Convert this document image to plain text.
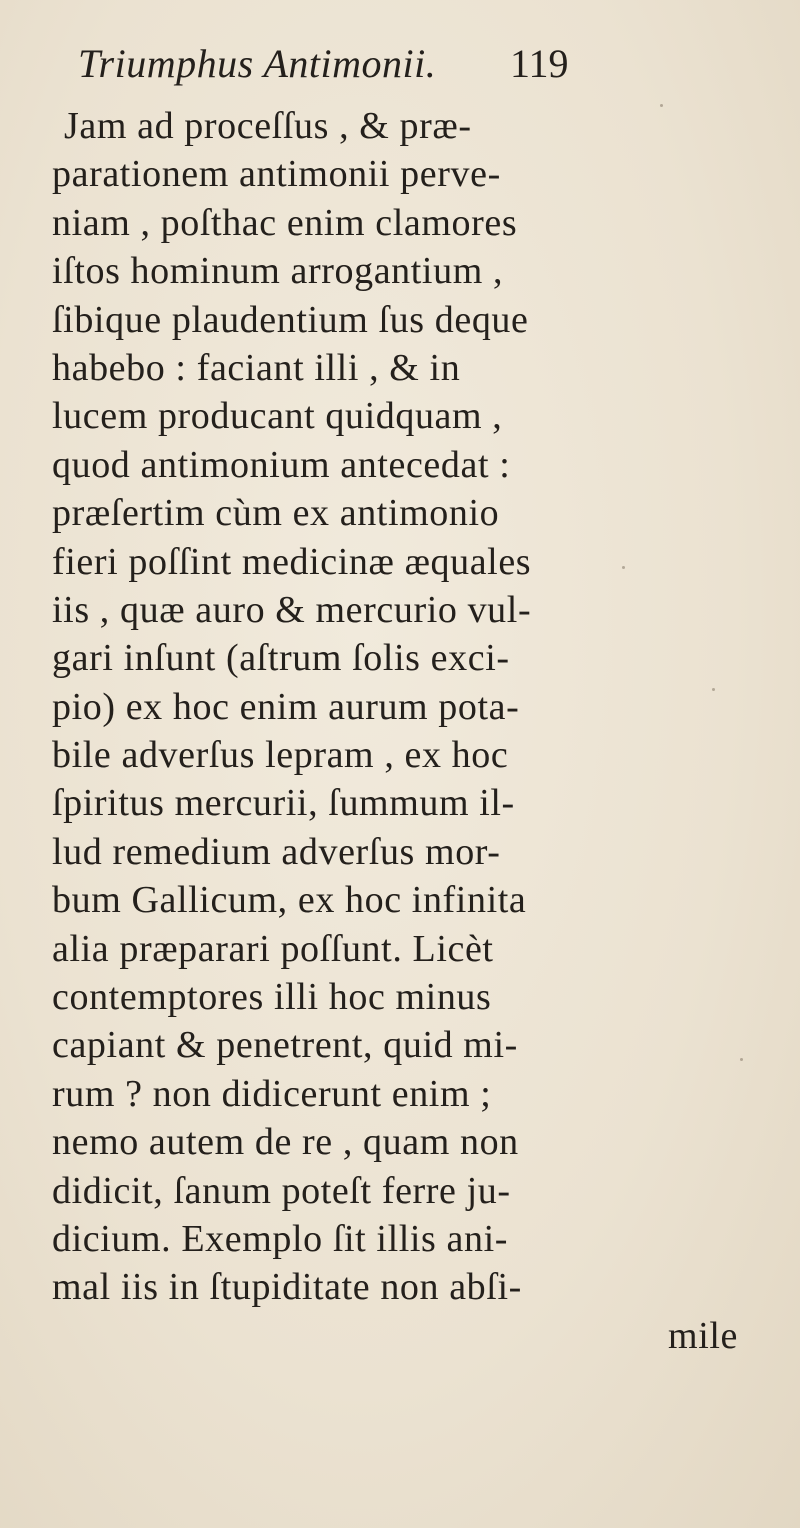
Triumphus Antimonii. 119
Jam ad proceſſus , & præ-
parationem antimonii perve-
niam , poſthac enim clamores
iſtos hominum arrogantium ,
ſibique plaudentium ſus deque
habebo : faciant illi , & in
lucem producant quidquam ,
quod antimonium antecedat :
præſertim cùm ex antimonio
fieri poſſint medicinæ æquales
iis , quæ auro & mercurio vul-
gari inſunt (aſtrum ſolis exci-
pio) ex hoc enim aurum pota-
bile adverſus lepram , ex hoc
ſpiritus mercurii, ſummum il-
lud remedium adverſus mor-
bum Gallicum, ex hoc infinita
alia præparari poſſunt. Licèt
contemptores illi hoc minus
capiant & penetrent, quid mi-
rum ? non didicerunt enim ;
nemo autem de re , quam non
didicit, ſanum poteſt ferre ju-
dicium. Exemplo ſit illis ani-
mal iis in ſtupiditate non abſi-
mile
